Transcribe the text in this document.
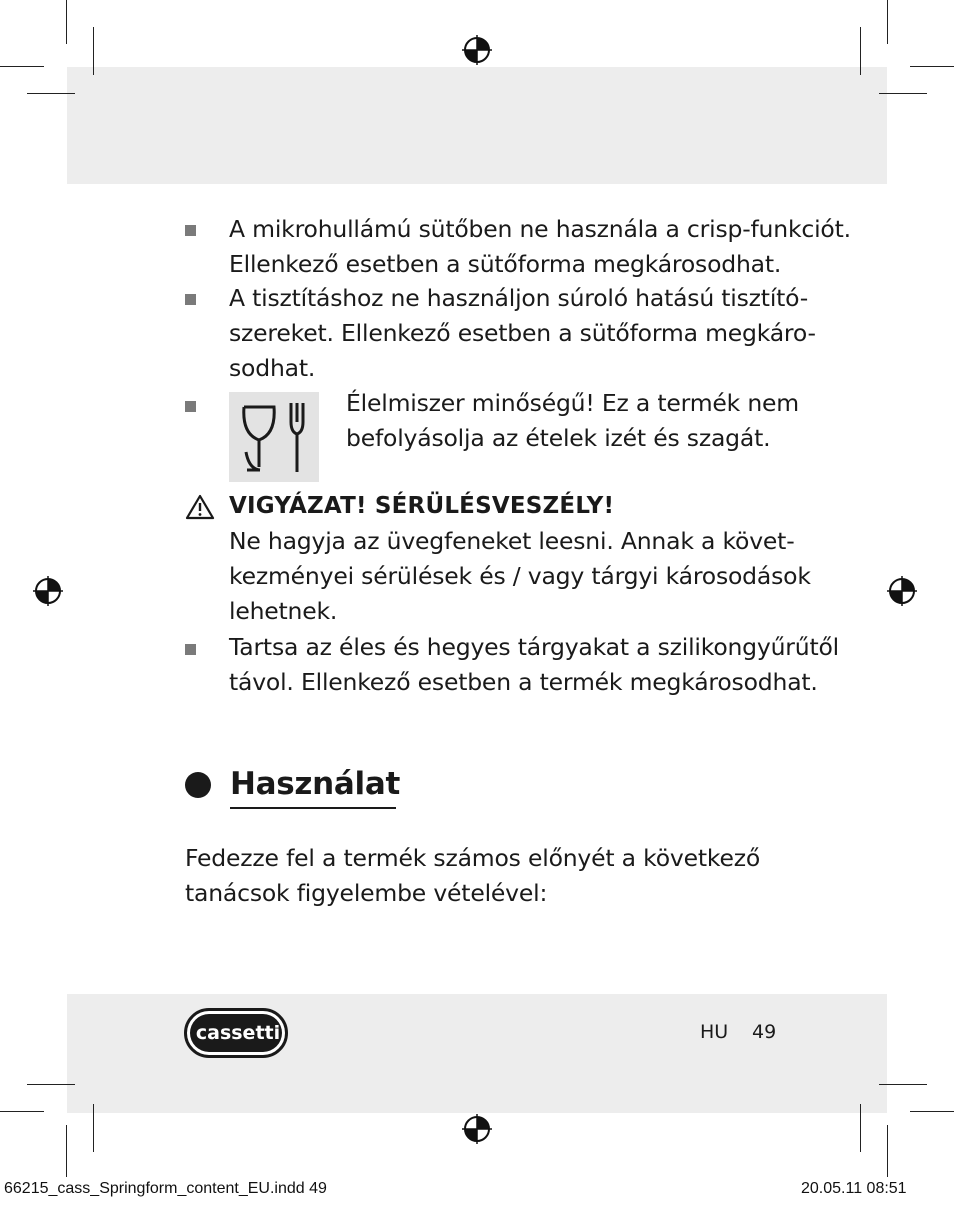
A mikrohullámú sütőben ne használa a crisp-funkciót.
Ellenkező esetben a sütőforma megkárosodhat.
A tisztításhoz ne használjon súroló hatású tisztító-
szereket. Ellenkező esetben a sütőforma megkáro-
sodhat.
Élelmiszer minőségű! Ez a termék nem
befolyásolja az ételek izét és szagát.
VIGYÁZAT! SÉRÜLÉSVESZÉLY!
Ne hagyja az üvegfeneket leesni. Annak a követ-
kezményei sérülések és / vagy tárgyi károsodások
lehetnek.
Tartsa az éles és hegyes tárgyakat a szilikongyűrűtől
távol. Ellenkező esetben a termék megkárosodhat.
Használat
Fedezze fel a termék számos előnyét a következő
tanácsok figyelembe vételével:
cassetti	HU 49
66215_cass_Springform_content_EU.indd 49	20.05.11 08:51
